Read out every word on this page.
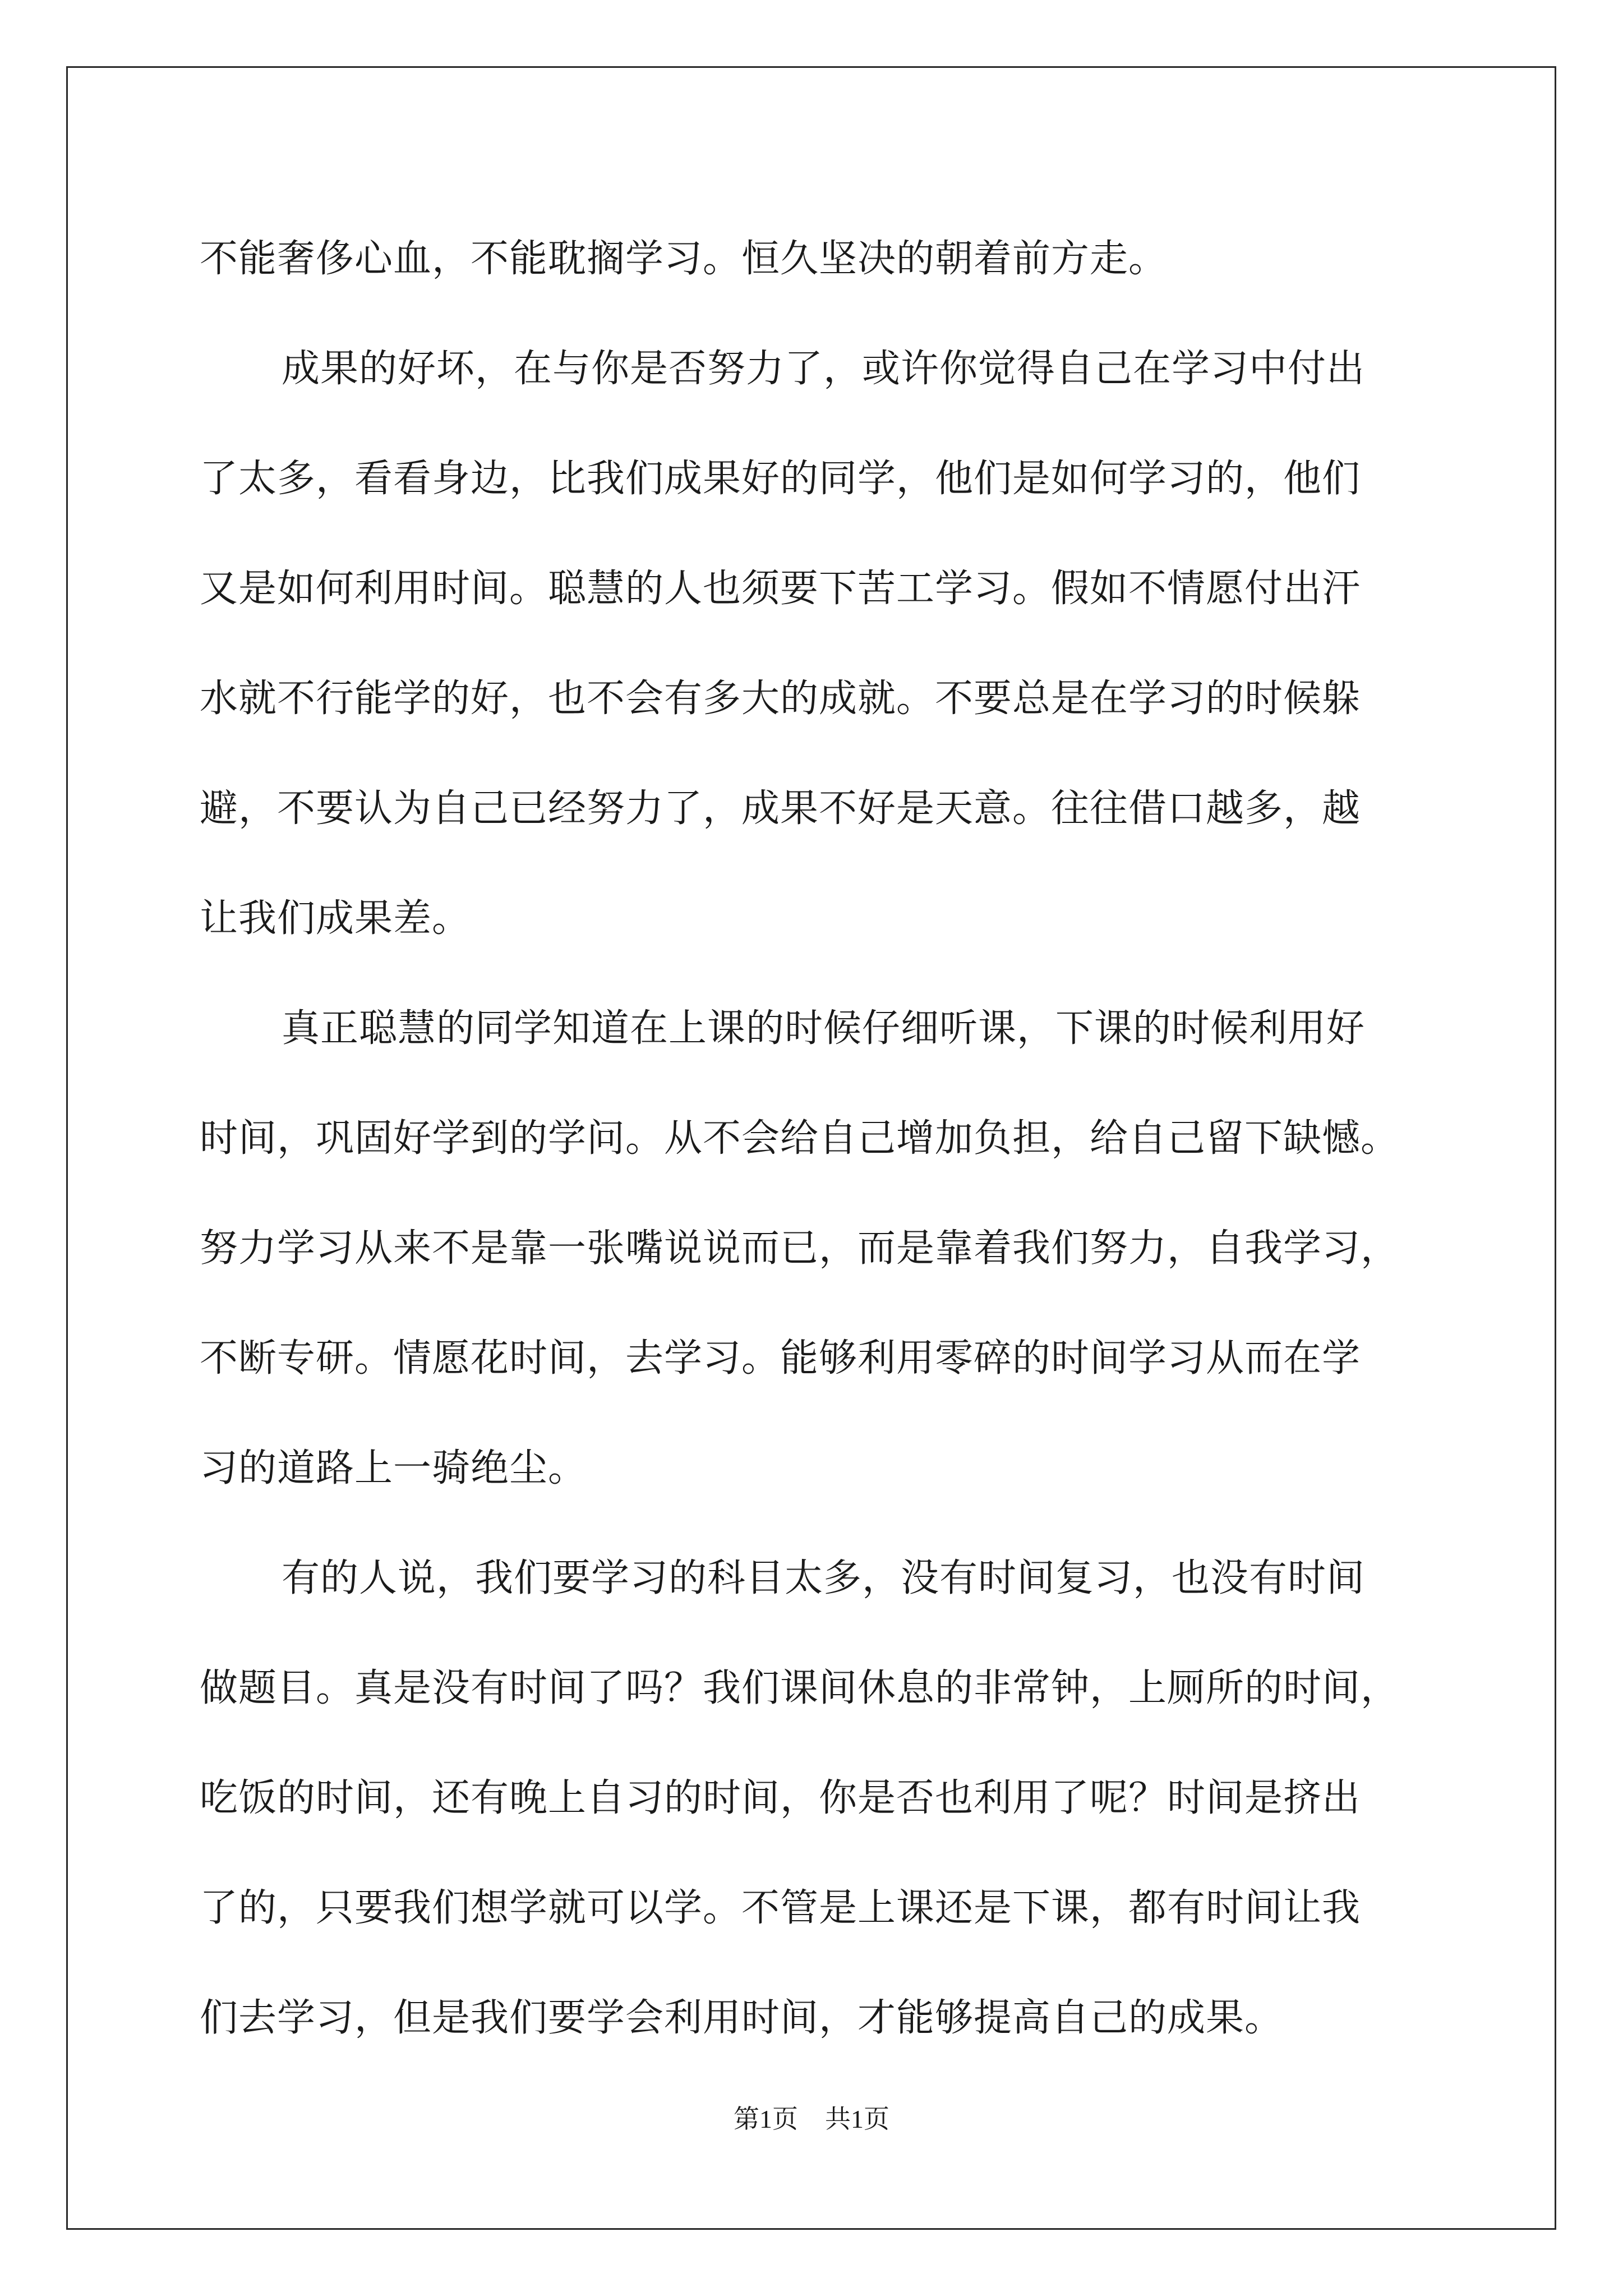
不能奢侈心血，不能耽搁学习。恒久坚决的朝着前方走。
成果的好坏，在与你是否努力了，或许你觉得自己在学习中付出
了太多，看看身边，比我们成果好的同学，他们是如何学习的，他们
又是如何利用时间。聪慧的人也须要下苦工学习。假如不情愿付出汗
水就不行能学的好，也不会有多大的成就。不要总是在学习的时候躲
避，不要认为自己已经努力了，成果不好是天意。往往借口越多，越
让我们成果差。
真正聪慧的同学知道在上课的时候仔细听课，下课的时候利用好
时间，巩固好学到的学问。从不会给自己增加负担，给自己留下缺憾。
努力学习从来不是靠一张嘴说说而已，而是靠着我们努力，自我学习，
不断专研。情愿花时间，去学习。能够利用零碎的时间学习从而在学
习的道路上一骑绝尘。
有的人说，我们要学习的科目太多，没有时间复习，也没有时间
做题目。真是没有时间了吗？我们课间休息的非常钟，上厕所的时间，
吃饭的时间，还有晚上自习的时间，你是否也利用了呢？时间是挤出
了的，只要我们想学就可以学。不管是上课还是下课，都有时间让我
们去学习，但是我们要学会利用时间，才能够提高自己的成果。
第1页 共1页
